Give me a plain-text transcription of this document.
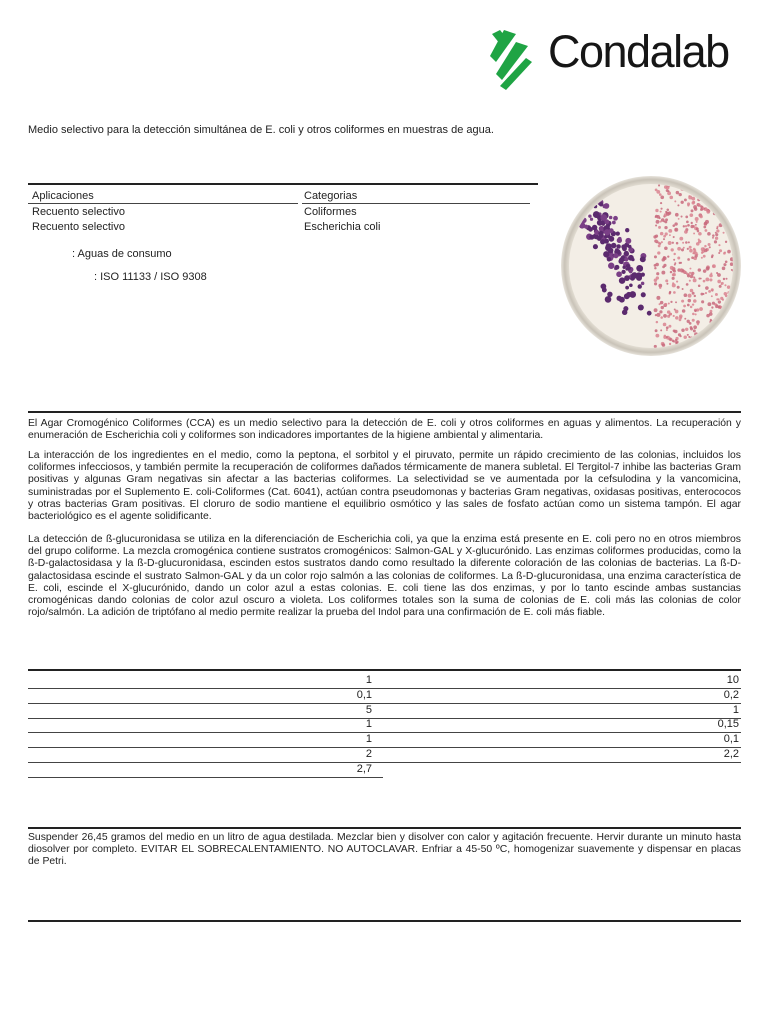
Condalab
Medio selectivo para la detección simultánea de E. coli y otros coliformes en muestras de agua.
Aplicaciones	Categorias
Recuento selectivo	Coliformes
Recuento selectivo	Escherichia coli
: Aguas de consumo
: ISO 11133 / ISO 9308
El Agar Cromogénico Coliformes (CCA) es un medio selectivo para la detección de E. coli y otros coliformes en aguas y alimentos. La recuperación y enumeración de Escherichia coli y coliformes son indicadores importantes de la higiene ambiental y alimentaria.
La interacción de los ingredientes en el medio, como la peptona, el sorbitol y el piruvato, permite un rápido crecimiento de las colonias, incluidos los coliformes infecciosos, y también permite la recuperación de coliformes dañados térmicamente de manera subletal. El Tergitol-7 inhibe las bacterias Gram positivas y algunas Gram negativas sin afectar a las bacterias coliformes. La selectividad se ve aumentada por la cefsulodina y la vancomicina, suministradas por el Suplemento E. coli-Coliformes (Cat. 6041), actúan contra pseudomonas y bacterias Gram negativas, oxidasas positivas, enterococos y otras bacterias Gram positivas. El cloruro de sodio mantiene el equilibrio osmótico y las sales de fosfato actúan como un sistema tampón. El agar bacteriológico es el agente solidificante.
La detección de ß-glucuronidasa se utiliza en la diferenciación de Escherichia coli, ya que la enzima está presente en E. coli pero no en otros miembros del grupo coliforme. La mezcla cromogénica contiene sustratos cromogénicos: Salmon-GAL y X-glucurónido. Las enzimas coliformes producidas, como la ß-D-galactosidasa y la ß-D-glucuronidasa, escinden estos sustratos dando como resultado la diferente coloración de las colonias de bacterias. La ß-D-galactosidasa escinde el sustrato Salmon-GAL y da un color rojo salmón a las colonias de coliformes. La ß-D-glucuronidasa, una enzima característica de E. coli, escinde el X-glucurónido, dando un color azul a estas colonias. E. coli tiene las dos enzimas, y por lo tanto escinde ambas sustancias cromogénicas dando colonias de color azul oscuro a violeta. Los coliformes totales son la suma de colonias de E. coli más las colonias de color rojo/salmón. La adición de triptófano al medio permite realizar la prueba del Indol para una confirmación de E. coli más fiable.
1	10
0,1	0,2
5	1
1	0,15
1	0,1
2	2,2
2,7
Suspender 26,45 gramos del medio en un litro de agua destilada. Mezclar bien y disolver con calor y agitación frecuente. Hervir durante un minuto hasta diosolver por completo. EVITAR EL SOBRECALENTAMIENTO. NO AUTOCLAVAR. Enfriar a 45-50 ºC, homogenizar suavemente y dispensar en placas de Petri.
